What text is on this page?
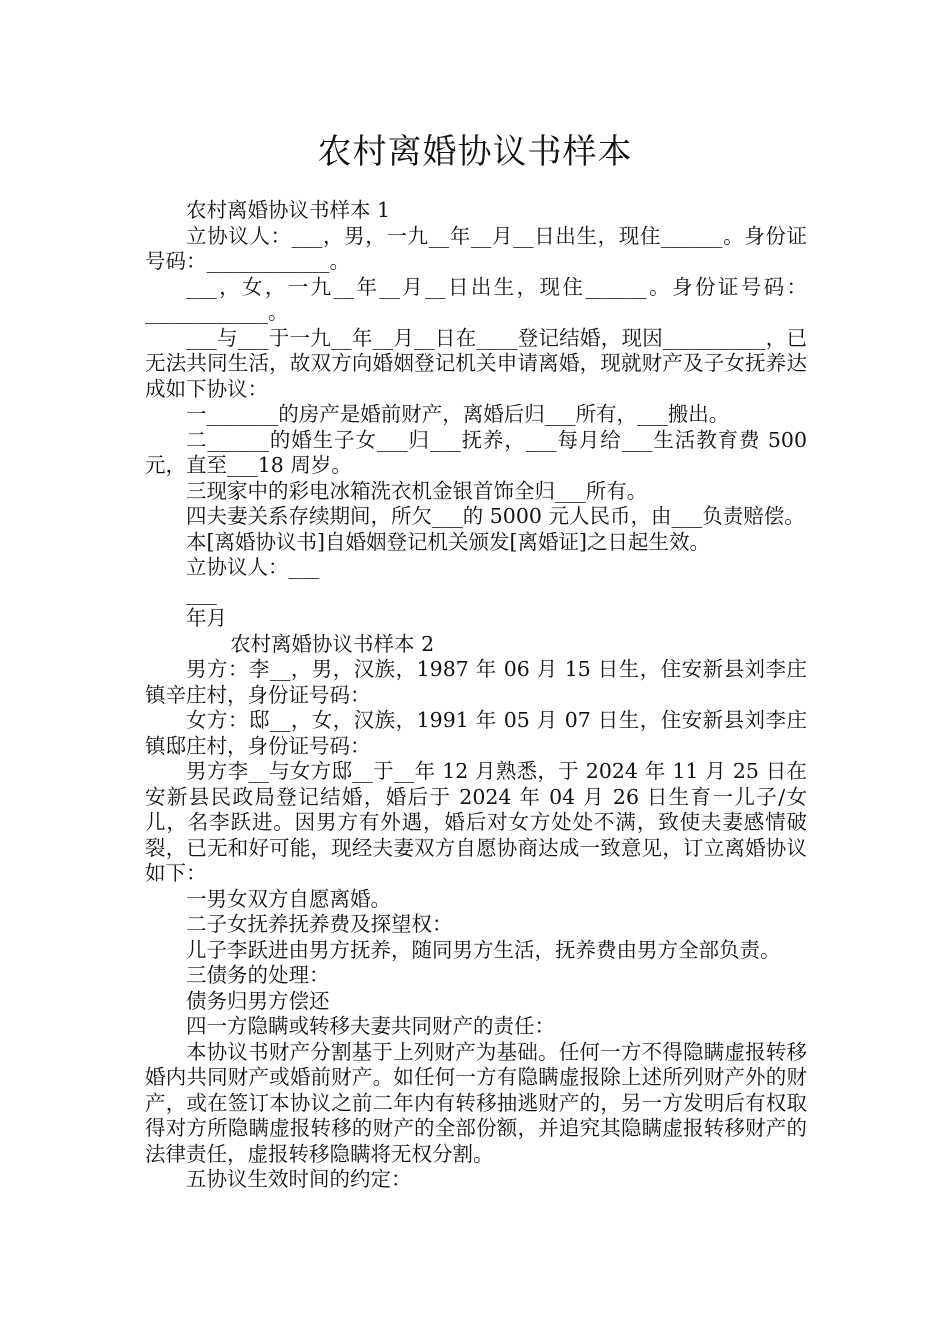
农村离婚协议书样本

农村离婚协议书样本 1

立协议人：___，男，一九__年__月__日出生，现住______。身份证号码：____________。

___，女，一九__年__月__日出生，现住______。身份证号码：____________。

___与___于一九__年__月__日在____登记结婚，现因__________，已无法共同生活，故双方向婚姻登记机关申请离婚，现就财产及子女抚养达成如下协议：

一_______的房产是婚前财产，离婚后归___所有，___搬出。

二______的婚生子女___归___抚养，___每月给___生活教育费 500 元，直至___18 周岁。

三现家中的彩电冰箱洗衣机金银首饰全归___所有。

四夫妻关系存续期间，所欠___的 5000 元人民币，由___负责赔偿。

本[离婚协议书]自婚姻登记机关颁发[离婚证]之日起生效。

立协议人：___

___

年月

农村离婚协议书样本 2

男方：李__，男，汉族，1987 年 06 月 15 日生，住安新县刘李庄镇辛庄村，身份证号码：

女方：邸__，女，汉族，1991 年 05 月 07 日生，住安新县刘李庄镇邸庄村，身份证号码：

男方李__与女方邸__于__年 12 月熟悉，于 2024 年 11 月 25 日在安新县民政局登记结婚，婚后于 2024 年 04 月 26 日生育一儿子/女儿，名李跃进。因男方有外遇，婚后对女方处处不满，致使夫妻感情破裂，已无和好可能，现经夫妻双方自愿协商达成一致意见，订立离婚协议如下：

一男女双方自愿离婚。

二子女抚养抚养费及探望权：

儿子李跃进由男方抚养，随同男方生活，抚养费由男方全部负责。

三债务的处理：

债务归男方偿还

四一方隐瞒或转移夫妻共同财产的责任：

本协议书财产分割基于上列财产为基础。任何一方不得隐瞒虚报转移婚内共同财产或婚前财产。如任何一方有隐瞒虚报除上述所列财产外的财产，或在签订本协议之前二年内有转移抽逃财产的，另一方发明后有权取得对方所隐瞒虚报转移的财产的全部份额，并追究其隐瞒虚报转移财产的法律责任，虚报转移隐瞒将无权分割。

五协议生效时间的约定：
